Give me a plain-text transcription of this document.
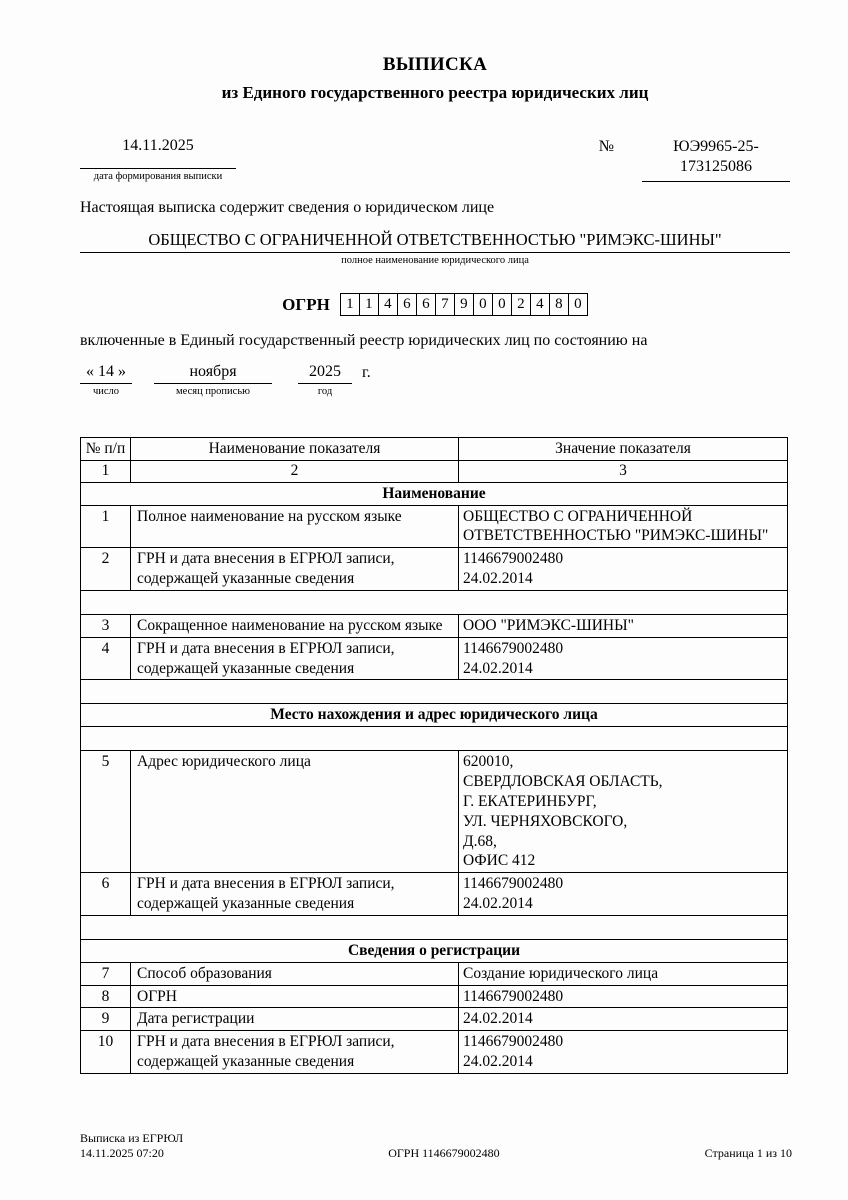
ВЫПИСКА
из Единого государственного реестра юридических лиц
14.11.2025
дата формирования выписки
№	ЮЭ9965-25-
173125086
Настоящая выписка содержит сведения о юридическом лице
ОБЩЕСТВО С ОГРАНИЧЕННОЙ ОТВЕТСТВЕННОСТЬЮ "РИМЭКС-ШИНЫ"
полное наименование юридического лица
ОГРН	1 1 4 6 6 7 9 0 0 2 4 8 0
включенные в Единый государственный реестр юридических лиц по состоянию на
« 14 »
число
ноября
месяц прописью
2025
год
г.
№ п/п	Наименование показателя	Значение показателя
1	2	3
Наименование		
1	Полное наименование на русском языке	ОБЩЕСТВО С ОГРАНИЧЕННОЙ ОТВЕТСТВЕННОСТЬЮ "РИМЭКС-ШИНЫ"

2	ГРН и дата внесения в ЕГРЮЛ записи, содержащей указанные сведения	1146679002480
24.02.2014

3	Сокращенное наименование на русском языке	ООО "РИМЭКС-ШИНЫ"

4	ГРН и дата внесения в ЕГРЮЛ записи, содержащей указанные сведения	1146679002480
24.02.2014

Место нахождения и адрес юридического лица		

5	Адрес юридического лица	620010,
СВЕРДЛОВСКАЯ ОБЛАСТЬ,
Г. ЕКАТЕРИНБУРГ,
УЛ. ЧЕРНЯХОВСКОГО,
Д.68,
ОФИС 412

6	ГРН и дата внесения в ЕГРЮЛ записи, содержащей указанные сведения	1146679002480
24.02.2014

Сведения о регистрации		
7	Способ образования	Создание юридического лица

8	ОГРН	1146679002480

9	Дата регистрации	24.02.2014

10	ГРН и дата внесения в ЕГРЮЛ записи, содержащей указанные сведения	1146679002480
24.02.2014
Выписка из ЕГРЮЛ
14.11.2025 07:20	ОГРН 1146679002480	Страница 1 из 10
